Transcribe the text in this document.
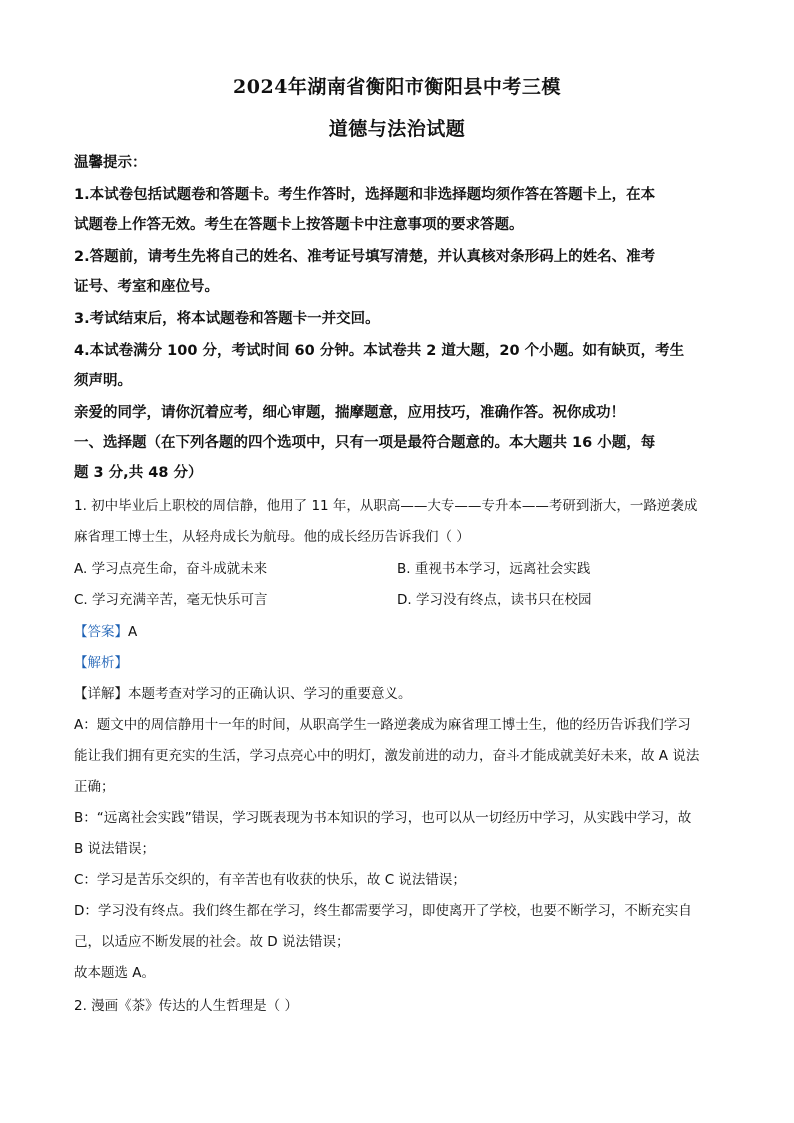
2024年湖南省衡阳市衡阳县中考三模
道德与法治试题
温馨提示：
1.本试卷包括试题卷和答题卡。考生作答时，选择题和非选择题均须作答在答题卡上，在本
试题卷上作答无效。考生在答题卡上按答题卡中注意事项的要求答题。
2.答题前，请考生先将自己的姓名、准考证号填写清楚，并认真核对条形码上的姓名、准考
证号、考室和座位号。
3.考试结束后，将本试题卷和答题卡一并交回。
4.本试卷满分 100 分，考试时间 60 分钟。本试卷共 2 道大题，20 个小题。如有缺页，考生
须声明。
亲爱的同学，请你沉着应考，细心审题，揣摩题意，应用技巧，准确作答。祝你成功！
一、选择题（在下列各题的四个选项中，只有一项是最符合题意的。本大题共 16 小题，每
题 3 分,共 48 分）
1. 初中毕业后上职校的周信静，他用了 11 年，从职高——大专——专升本——考研到浙大，一路逆袭成
麻省理工博士生，从轻舟成长为航母。他的成长经历告诉我们（ ）
A. 学习点亮生命，奋斗成就未来	B. 重视书本学习，远离社会实践
C. 学习充满辛苦，毫无快乐可言	D. 学习没有终点，读书只在校园
【答案】A
【解析】
【详解】本题考查对学习的正确认识、学习的重要意义。
A：题文中的周信静用十一年的时间，从职高学生一路逆袭成为麻省理工博士生，他的经历告诉我们学习
能让我们拥有更充实的生活，学习点亮心中的明灯，激发前进的动力，奋斗才能成就美好未来，故 A 说法
正确；
B：“远离社会实践”错误，学习既表现为书本知识的学习，也可以从一切经历中学习，从实践中学习，故
B 说法错误；
C：学习是苦乐交织的，有辛苦也有收获的快乐，故 C 说法错误；
D：学习没有终点。我们终生都在学习，终生都需要学习，即使离开了学校，也要不断学习，不断充实自
己，以适应不断发展的社会。故 D 说法错误；
故本题选 A。
2. 漫画《茶》传达的人生哲理是（ ）
